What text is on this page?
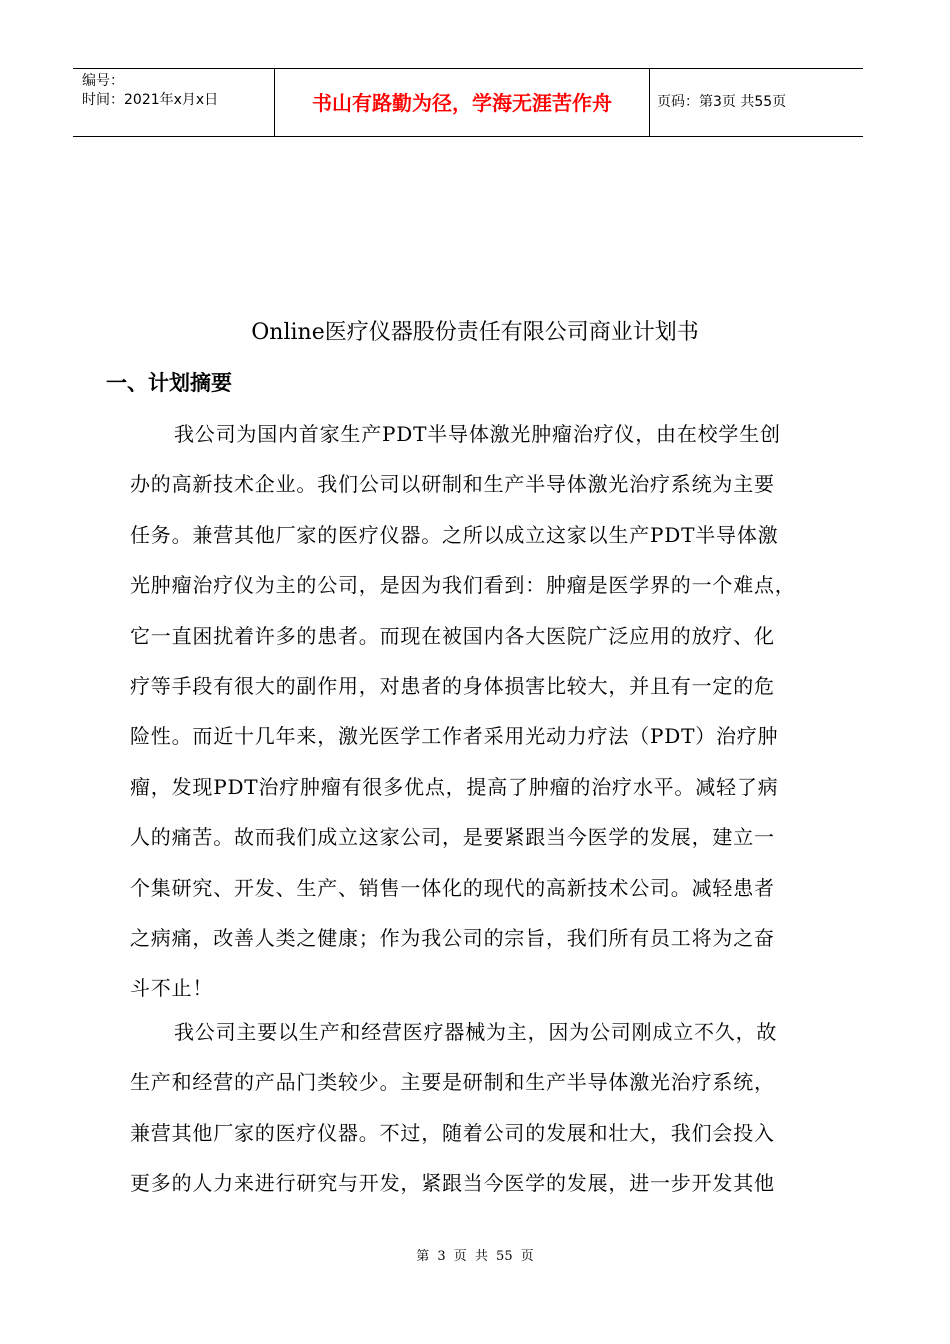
编号：
时间：2021年x月x日	书山有路勤为径，学海无涯苦作舟	页码：第3页 共55页
Online医疗仪器股份责任有限公司商业计划书
一、计划摘要
我公司为国内首家生产PDT半导体激光肿瘤治疗仪，由在校学生创
办的高新技术企业。我们公司以研制和生产半导体激光治疗系统为主要
任务。兼营其他厂家的医疗仪器。之所以成立这家以生产PDT半导体激
光肿瘤治疗仪为主的公司，是因为我们看到：肿瘤是医学界的一个难点，
它一直困扰着许多的患者。而现在被国内各大医院广泛应用的放疗、化
疗等手段有很大的副作用，对患者的身体损害比较大，并且有一定的危
险性。而近十几年来，激光医学工作者采用光动力疗法（PDT）治疗肿
瘤，发现PDT治疗肿瘤有很多优点，提高了肿瘤的治疗水平。减轻了病
人的痛苦。故而我们成立这家公司，是要紧跟当今医学的发展，建立一
个集研究、开发、生产、销售一体化的现代的高新技术公司。减轻患者
之病痛，改善人类之健康；作为我公司的宗旨，我们所有员工将为之奋
斗不止！
我公司主要以生产和经营医疗器械为主，因为公司刚成立不久，故
生产和经营的产品门类较少。主要是研制和生产半导体激光治疗系统，
兼营其他厂家的医疗仪器。不过，随着公司的发展和壮大，我们会投入
更多的人力来进行研究与开发，紧跟当今医学的发展，进一步开发其他
第 3 页 共 55 页
